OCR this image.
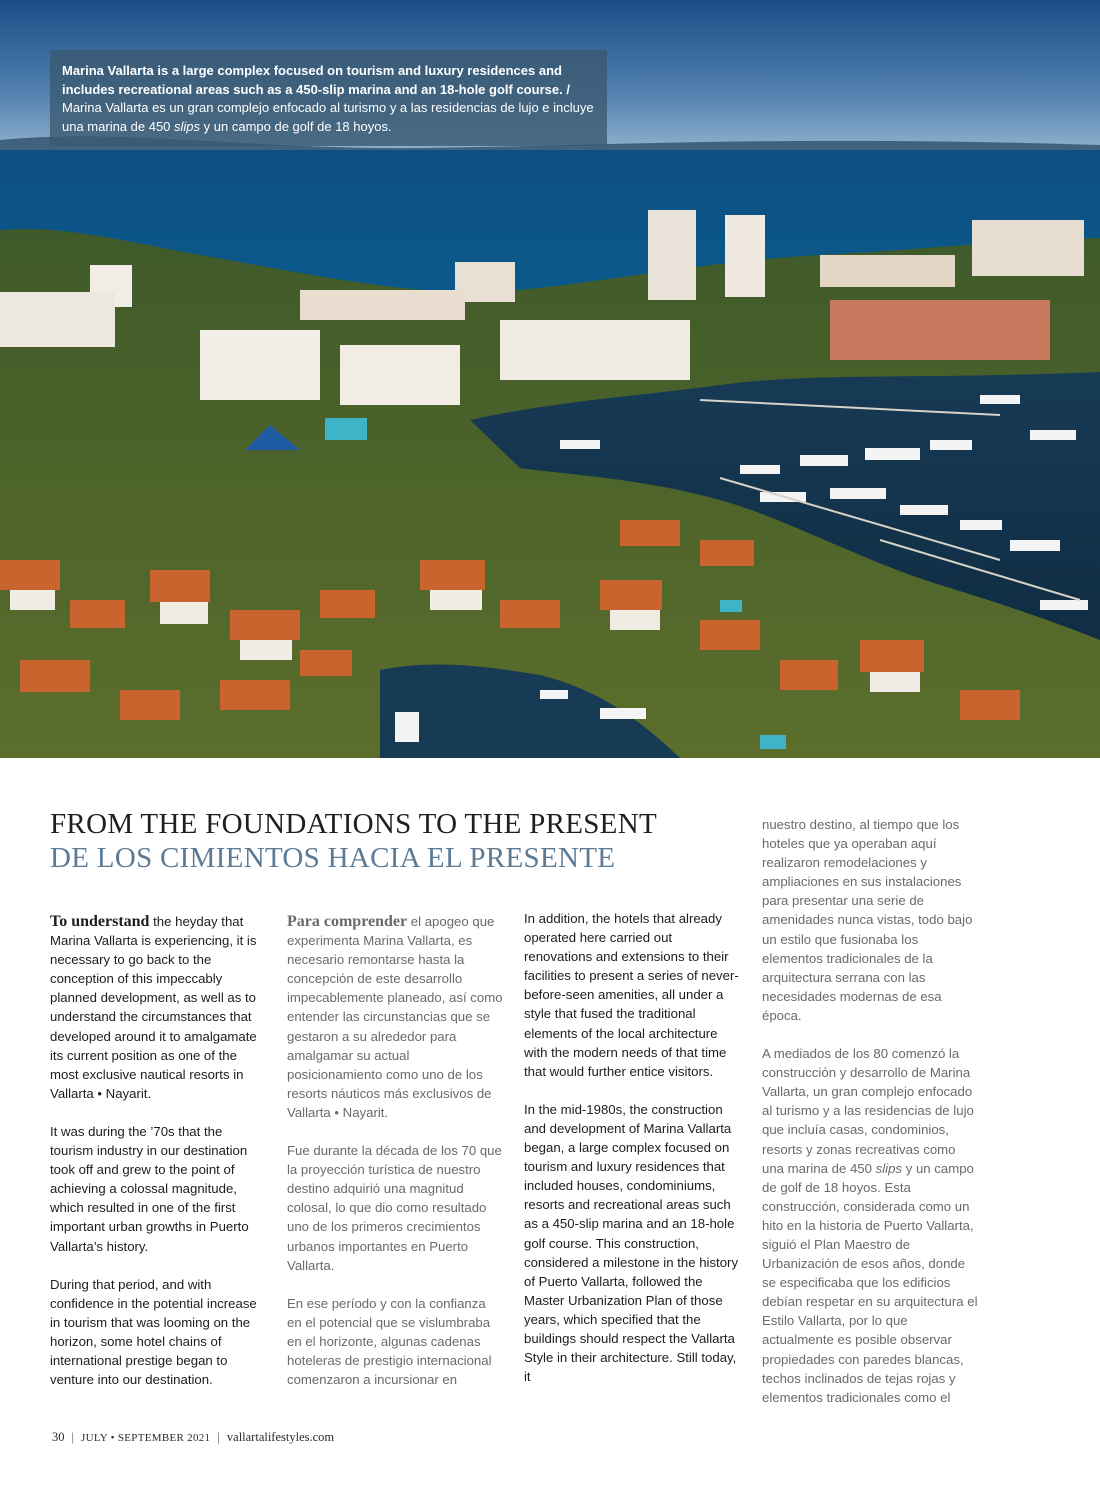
Marina Vallarta is a large complex focused on tourism and luxury residences and includes recreational areas such as a 450-slip marina and an 18-hole golf course. / Marina Vallarta es un gran complejo enfocado al turismo y a las residencias de lujo e incluye una marina de 450 slips y un campo de golf de 18 hoyos.
FROM THE FOUNDATIONS TO THE PRESENT
DE LOS CIMIENTOS HACIA EL PRESENTE

To understand the heyday that Marina Vallarta is experiencing, it is necessary to go back to the conception of this impeccably planned development, as well as to understand the circumstances that developed around it to amalgamate its current position as one of the most exclusive nautical resorts in Vallarta • Nayarit.

It was during the ’70s that the tourism industry in our destination took off and grew to the point of achieving a colossal magnitude, which resulted in one of the first important urban growths in Puerto Vallarta’s history.

During that period, and with confidence in the potential increase in tourism that was looming on the horizon, some hotel chains of international prestige began to venture into our destination.

Para comprender el apogeo que experimenta Marina Vallarta, es necesario remontarse hasta la concepción de este desarrollo impecablemente planeado, así como entender las circunstancias que se gestaron a su alrededor para amalgamar su actual posicionamiento como uno de los resorts náuticos más exclusivos de Vallarta • Nayarit.

Fue durante la década de los 70 que la proyección turística de nuestro destino adquirió una magnitud colosal, lo que dio como resultado uno de los primeros crecimientos urbanos importantes en Puerto Vallarta.

En ese período y con la confianza en el potencial que se vislumbraba en el horizonte, algunas cadenas hoteleras de prestigio internacional comenzaron a incursionar en

In addition, the hotels that already operated here carried out renovations and extensions to their facilities to present a series of never-before-seen amenities, all under a style that fused the traditional elements of the local architecture with the modern needs of that time that would further entice visitors.

In the mid-1980s, the construction and development of Marina Vallarta began, a large complex focused on tourism and luxury residences that included houses, condominiums, resorts and recreational areas such as a 450-slip marina and an 18-hole golf course. This construction, considered a milestone in the history of Puerto Vallarta, followed the Master Urbanization Plan of those years, which specified that the buildings should respect the Vallarta Style in their architecture. Still today, it

nuestro destino, al tiempo que los hoteles que ya operaban aquí realizaron remodelaciones y ampliaciones en sus instalaciones para presentar una serie de amenidades nunca vistas, todo bajo un estilo que fusionaba los elementos tradicionales de la arquitectura serrana con las necesidades modernas de esa época.

A mediados de los 80 comenzó la construcción y desarrollo de Marina Vallarta, un gran complejo enfocado al turismo y a las residencias de lujo que incluía casas, condominios, resorts y zonas recreativas como una marina de 450 slips y un campo de golf de 18 hoyos. Esta construcción, considerada como un hito en la historia de Puerto Vallarta, siguió el Plan Maestro de Urbanización de esos años, donde se especificaba que los edificios debían respetar en su arquitectura el Estilo Vallarta, por lo que actualmente es posible observar propiedades con paredes blancas, techos inclinados de tejas rojas y elementos tradicionales como el

30 | JULY • SEPTEMBER 2021 | vallartalifestyles.com
